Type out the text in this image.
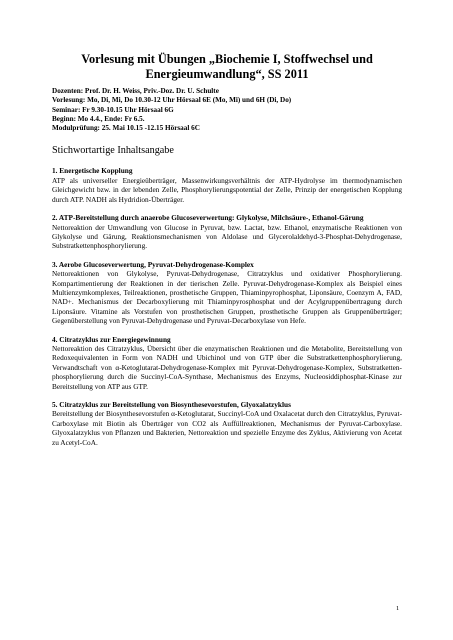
Vorlesung mit Übungen „Biochemie I, Stoffwechsel und Energieumwandlung“, SS 2011
Dozenten: Prof. Dr. H. Weiss, Priv.-Doz. Dr. U. Schulte
Vorlesung: Mo, Di, Mi, Do 10.30-12 Uhr Hörsaal 6E (Mo, Mi) und 6H (Di, Do)
Seminar: Fr 9.30-10.15 Uhr Hörsaal 6G
Beginn: Mo 4.4., Ende: Fr 6.5.
Modulprüfung: 25. Mai 10.15 -12.15 Hörsaal 6C
Stichwortartige Inhaltsangabe
1. Energetische Kopplung
ATP als universeller Energieüberträger, Massenwirkungsverhältnis der ATP-Hydrolyse im thermodynamischen Gleichgewicht bzw. in der lebenden Zelle, Phosphorylierungspotential der Zelle, Prinzip der energetischen Kopplung durch ATP. NADH als Hydridion-Überträger.
2. ATP-Bereitstellung durch anaerobe Glucoseverwertung: Glykolyse, Milchsäure-, Ethanol-Gärung
Nettoreaktion der Umwandlung von Glucose in Pyruvat, bzw. Lactat, bzw. Ethanol, enzymatische Reaktionen von Glykolyse und Gärung, Reaktionsmechanismen von Aldolase und Glycerolaldehyd-3-Phosphat-Dehydrogenase, Substratkettenphosphorylierung.
3. Aerobe Glucoseverwertung, Pyruvat-Dehydrogenase-Komplex
Nettoreaktionen von Glykolyse, Pyruvat-Dehydrogenase, Citratzyklus und oxidativer Phosphorylierung. Kompartimentierung der Reaktionen in der tierischen Zelle. Pyruvat-Dehydrogenase-Komplex als Beispiel eines Multienzymkomplexes, Teilreaktionen, prosthetische Gruppen, Thiaminpyrophosphat, Liponsäure, Coenzym A, FAD, NAD+. Mechanismus der Decarboxylierung mit Thiaminpyrosphosphat und der Acylgruppenübertragung durch Liponsäure. Vitamine als Vorstufen von prosthetischen Gruppen, prosthetische Gruppen als Gruppenüberträger; Gegenüberstellung von Pyruvat-Dehydrogenase und Pyruvat-Decarboxylase von Hefe.
4. Citratzyklus zur Energiegewinnung
Nettoreaktion des Citratzyklus, Übersicht über die enzymatischen Reaktionen und die Metabolite, Bereitstellung von Redoxequivalenten in Form von NADH und Ubichinol und von GTP über die Substratkettenphosphorylierung, Verwandtschaft von α-Ketoglutarat-Dehydrogenase-Komplex mit Pyruvat-Dehydrogenase-Komplex, Substratketten-phosphorylierung durch die Succinyl-CoA-Synthase, Mechanismus des Enzyms, Nucleosiddiphosphat-Kinase zur Bereitstellung von ATP aus GTP.
5. Citratzyklus zur Bereitstellung von Biosynthesevorstufen, Glyoxalatzyklus
Bereitstellung der Biosynthesevorstufen α-Ketoglutarat, Succinyl-CoA und Oxalacetat durch den Citratzyklus, Pyruvat-Carboxylase mit Biotin als Überträger von CO2 als Auffüllreaktionen, Mechanismus der Pyruvat-Carboxylase. Glyoxalatzyklus von Pflanzen und Bakterien, Nettoreaktion und spezielle Enzyme des Zyklus, Aktivierung von Acetat zu Acetyl-CoA.
1
